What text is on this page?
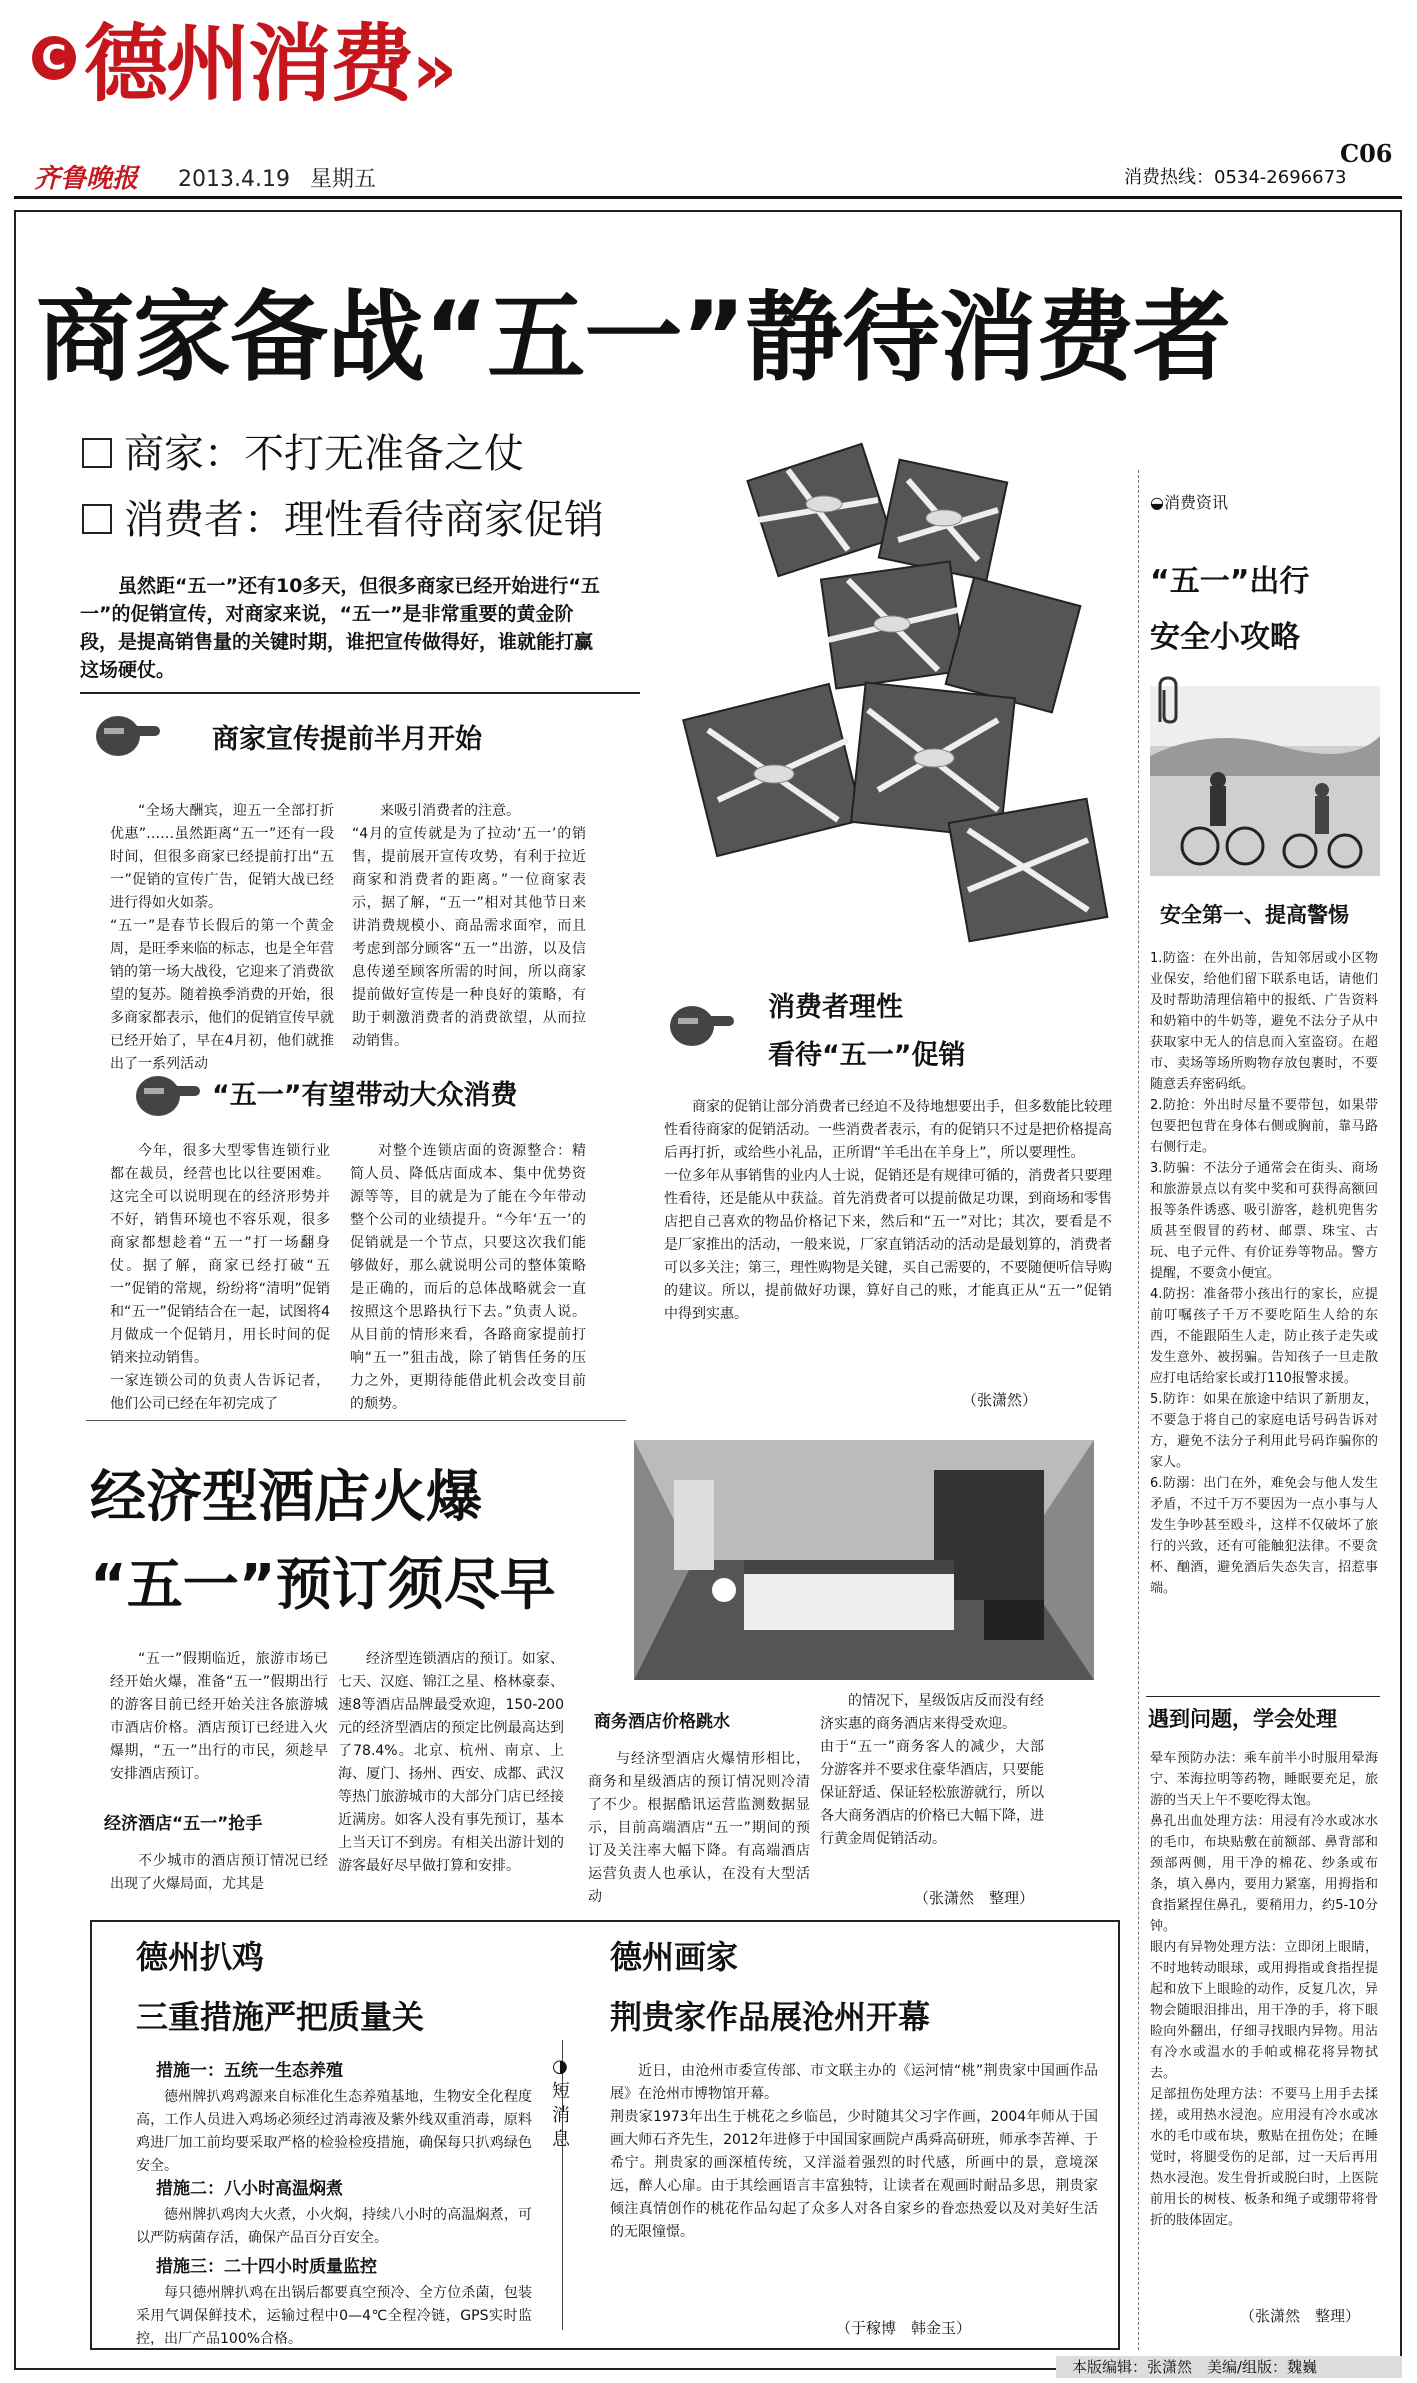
C 德州消费»
C06
齐鲁晚报 2013.4.19 星期五	消费热线：0534-2696673
商家备战“五一”静待消费者
商家：不打无准备之仗
消费者：理性看待商家促销
虽然距“五一”还有10多天，但很多商家已经开始进行“五一”的促销宣传，对商家来说，“五一”是非常重要的黄金阶段，是提高销售量的关键时期，谁把宣传做得好，谁就能打赢这场硬仗。
商家宣传提前半月开始
“全场大酬宾，迎五一全部打折优惠”……虽然距离“五一”还有一段时间，但很多商家已经提前打出“五一”促销的宣传广告，促销大战已经进行得如火如荼。
“五一”是春节长假后的第一个黄金周，是旺季来临的标志，也是全年营销的第一场大战役，它迎来了消费欲望的复苏。随着换季消费的开始，很多商家都表示，他们的促销宣传早就已经开始了，早在4月初，他们就推出了一系列活动
来吸引消费者的注意。
“4月的宣传就是为了拉动‘五一’的销售，提前展开宣传攻势，有利于拉近商家和消费者的距离。”一位商家表示，据了解，“五一”相对其他节日来讲消费规模小、商品需求面窄，而且考虑到部分顾客“五一”出游，以及信息传递至顾客所需的时间，所以商家提前做好宣传是一种良好的策略，有助于刺激消费者的消费欲望，从而拉动销售。
“五一”有望带动大众消费
今年，很多大型零售连锁行业都在裁员，经营也比以往要困难。这完全可以说明现在的经济形势并不好，销售环境也不容乐观，很多商家都想趁着“五一”打一场翻身仗。据了解，商家已经打破“五一”促销的常规，纷纷将“清明”促销和“五一”促销结合在一起，试图将4月做成一个促销月，用长时间的促销来拉动销售。
一家连锁公司的负责人告诉记者，他们公司已经在年初完成了
对整个连锁店面的资源整合：精简人员、降低店面成本、集中优势资源等等，目的就是为了能在今年带动整个公司的业绩提升。“今年‘五一’的促销就是一个节点，只要这次我们能够做好，那么就说明公司的整体策略是正确的，而后的总体战略就会一直按照这个思路执行下去。”负责人说。从目前的情形来看，各路商家提前打响“五一”狙击战，除了销售任务的压力之外，更期待能借此机会改变目前的颓势。
消费者理性
看待“五一”促销
商家的促销让部分消费者已经迫不及待地想要出手，但多数能比较理性看待商家的促销活动。一些消费者表示，有的促销只不过是把价格提高后再打折，或给些小礼品，正所谓“羊毛出在羊身上”，所以要理性。
一位多年从事销售的业内人士说，促销还是有规律可循的，消费者只要理性看待，还是能从中获益。首先消费者可以提前做足功课，到商场和零售店把自己喜欢的物品价格记下来，然后和“五一”对比；其次，要看是不是厂家推出的活动，一般来说，厂家直销活动的活动是最划算的，消费者可以多关注；第三，理性购物是关键，买自己需要的，不要随便听信导购的建议。所以，提前做好功课，算好自己的账，才能真正从“五一”促销中得到实惠。
（张潇然）
经济型酒店火爆
“五一”预订须尽早
“五一”假期临近，旅游市场已经开始火爆，准备“五一”假期出行的游客目前已经开始关注各旅游城市酒店价格。酒店预订已经进入火爆期，“五一”出行的市民，须趁早安排酒店预订。
经济酒店“五一”抢手
不少城市的酒店预订情况已经出现了火爆局面，尤其是
经济型连锁酒店的预订。如家、七天、汉庭、锦江之星、格林豪泰、速8等酒店品牌最受欢迎，150-200元的经济型酒店的预定比例最高达到了78.4%。北京、杭州、南京、上海、厦门、扬州、西安、成都、武汉等热门旅游城市的大部分门店已经接近满房。如客人没有事先预订，基本上当天订不到房。有相关出游计划的游客最好尽早做打算和安排。
商务酒店价格跳水
与经济型酒店火爆情形相比，商务和星级酒店的预订情况则冷清了不少。根据酷讯运营监测数据显示，目前高端酒店“五一”期间的预订及关注率大幅下降。有高端酒店运营负责人也承认，在没有大型活动
的情况下，星级饭店反而没有经济实惠的商务酒店来得受欢迎。
由于“五一”商务客人的减少，大部分游客并不要求住豪华酒店，只要能保证舒适、保证轻松旅游就行，所以各大商务酒店的价格已大幅下降，进行黄金周促销活动。
（张潇然　整理）
◒消费资讯
“五一”出行
安全小攻略
安全第一、提高警惕
1.防盗：在外出前，告知邻居或小区物业保安，给他们留下联系电话，请他们及时帮助清理信箱中的报纸、广告资料和奶箱中的牛奶等，避免不法分子从中获取家中无人的信息而入室盗窃。在超市、卖场等场所购物存放包裹时，不要随意丢弃密码纸。
2.防抢：外出时尽量不要带包，如果带包要把包背在身体右侧或胸前，靠马路右侧行走。
3.防骗：不法分子通常会在街头、商场和旅游景点以有奖中奖和可获得高额回报等条件诱惑、吸引游客，趁机兜售劣质甚至假冒的药材、邮票、珠宝、古玩、电子元件、有价证券等物品。警方提醒，不要贪小便宜。
4.防拐：准备带小孩出行的家长，应提前叮嘱孩子千万不要吃陌生人给的东西，不能跟陌生人走，防止孩子走失或发生意外、被拐骗。告知孩子一旦走散应打电话给家长或打110报警求援。
5.防诈：如果在旅途中结识了新朋友，不要急于将自己的家庭电话号码告诉对方，避免不法分子利用此号码诈骗你的家人。
6.防溺：出门在外，难免会与他人发生矛盾，不过千万不要因为一点小事与人发生争吵甚至殴斗，这样不仅破坏了旅行的兴致，还有可能触犯法律。不要贪杯、酗酒，避免酒后失态失言，招惹事端。
遇到问题，学会处理
晕车预防办法：乘车前半小时服用晕海宁、苯海拉明等药物，睡眠要充足，旅游的当天上午不要吃得太饱。
鼻孔出血处理方法：用浸有冷水或冰水的毛巾，布块贴敷在前额部、鼻背部和颈部两侧，用干净的棉花、纱条或布条，填入鼻内，要用力紧塞，用拇指和食指紧捏住鼻孔，要稍用力，约5-10分钟。
眼内有异物处理方法：立即闭上眼睛，不时地转动眼球，或用拇指或食指捏提起和放下上眼睑的动作，反复几次，异物会随眼泪排出，用干净的手，将下眼睑向外翻出，仔细寻找眼内异物。用沾有冷水或温水的手帕或棉花将异物拭去。
足部扭伤处理方法：不要马上用手去揉搓，或用热水浸泡。应用浸有冷水或冰水的毛巾或布块，敷贴在扭伤处；在睡觉时，将腿受伤的足部，过一天后再用热水浸泡。发生骨折或脱臼时，上医院前用长的树枝、板条和绳子或绷带将骨折的肢体固定。
（张潇然　整理）
德州扒鸡
三重措施严把质量关
措施一：五统一生态养殖
德州牌扒鸡鸡源来自标准化生态养殖基地，生物安全化程度高，工作人员进入鸡场必须经过消毒液及紫外线双重消毒，原料鸡进厂加工前均要采取严格的检验检疫措施，确保每只扒鸡绿色安全。
措施二：八小时高温焖煮
德州牌扒鸡肉大火煮，小火焖，持续八小时的高温焖煮，可以严防病菌存活，确保产品百分百安全。
措施三：二十四小时质量监控
每只德州牌扒鸡在出锅后都要真空预冷、全方位杀菌，包装采用气调保鲜技术，运输过程中0—4℃全程冷链，GPS实时监控，出厂产品100%合格。
◑
短消息
德州画家
荆贵家作品展沧州开幕
近日，由沧州市委宣传部、市文联主办的《运河情“桃”荆贵家中国画作品展》在沧州市博物馆开幕。
荆贵家1973年出生于桃花之乡临邑，少时随其父习字作画，2004年师从于国画大师石齐先生，2012年进修于中国国家画院卢禹舜高研班，师承李苦禅、于希宁。荆贵家的画深植传统，又洋溢着强烈的时代感，所画中的景，意境深远，醉人心扉。由于其绘画语言丰富独特，让读者在观画时耐品多思，荆贵家倾注真情创作的桃花作品勾起了众多人对各自家乡的眷恋热爱以及对美好生活的无限憧憬。
（于稼博　韩金玉）
本版编辑：张潇然　美编/组版：魏巍
